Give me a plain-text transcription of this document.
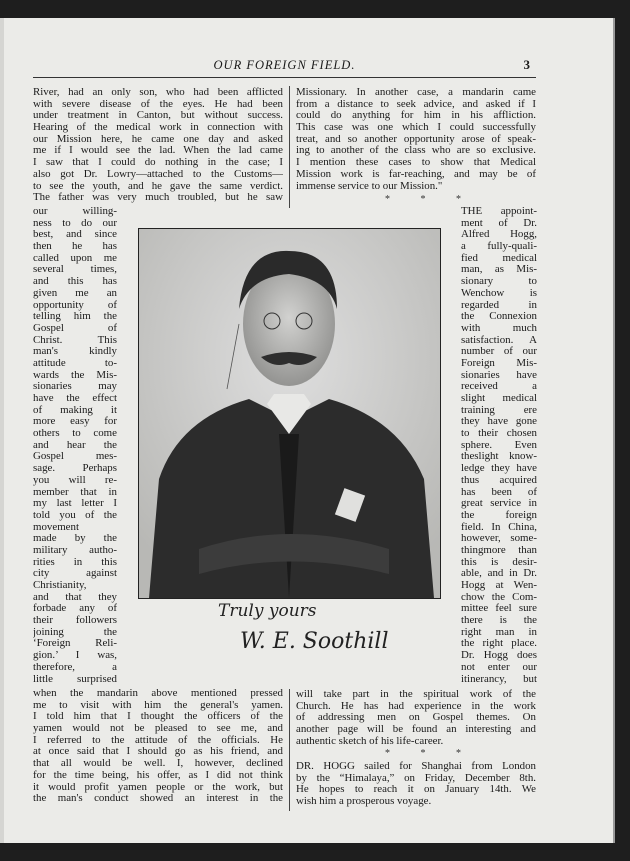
OUR FOREIGN FIELD.	3
River, had an only son, who had been afflicted
with severe disease of the eyes. He had been
under treatment in Canton, but without success.
Hearing of the medical work in connection with
our Mission here, he came one day and asked
me if I would see the lad. When the lad came
I saw that I could do nothing in the case; I
also got Dr. Lowry—attached to the Customs—
to see the youth, and he gave the same verdict.
The father was very much troubled, but he saw
our willing-
ness to do our
best, and since
then he has
called upon me
several times,
and this has
given me an
opportunity of
telling him the
Gospel of
Christ. This
man's kindly
attitude to-
wards the Mis-
sionaries may
have the effect
of making it
more easy for
others to come
and hear the
Gospel mes-
sage. Perhaps
you will re-
member that in
my last letter I
told you of the
movement
made by the
military autho-
rities in this
city against
Christianity,
and that they
forbade any of
their followers
joining the
‘Foreign Reli-
gion.’ I was,
therefore, a
little surprised
when the mandarin above mentioned pressed
me to visit with him the general's yamen.
I told him that I thought the officers of the
yamen would not be pleased to see me, and
I referred to the attitude of the officials. He
at once said that I should go as his friend, and
that all would be well. I, however, declined
for the time being, his offer, as I did not think
it would profit yamen people or the work, but
the man's conduct showed an interest in the
Missionary. In another case, a mandarin came
from a distance to seek advice, and asked if I
could do anything for him in his affliction.
This case was one which I could successfully
treat, and so another opportunity arose of speak-
ing to another of the class who are so exclusive.
I mention these cases to show that Medical
Mission work is far-reaching, and may be of
immense service to our Mission."
* * *
THE appoint-
ment of Dr.
Alfred Hogg,
a fully-quali-
fied medical
man, as Mis-
sionary to
Wenchow is
regarded in
the Connexion
with much
satisfaction. A
number of our
Foreign Mis-
sionaries have
received a
slight medical
training ere
they have gone
to their chosen
sphere. Even
theslight know-
ledge they have
thus acquired
has been of
great service in
the foreign
field. In China,
however, some-
thingmore than
this is desir-
able, and in Dr.
Hogg at Wen-
chow the Com-
mittee feel sure
there is the
right man in
the right place.
Dr. Hogg does
not enter our
itinerancy, but
will take part in the spiritual work of the
Church. He has had experience in the work
of addressing men on Gospel themes. On
another page will be found an interesting and
authentic sketch of his life-career.
* * *
DR. HOGG sailed for Shanghai from London
by the “Himalaya,” on Friday, December 8th.
He hopes to reach it on January 14th. We
wish him a prosperous voyage.
Truly yours
W. E. Soothill
